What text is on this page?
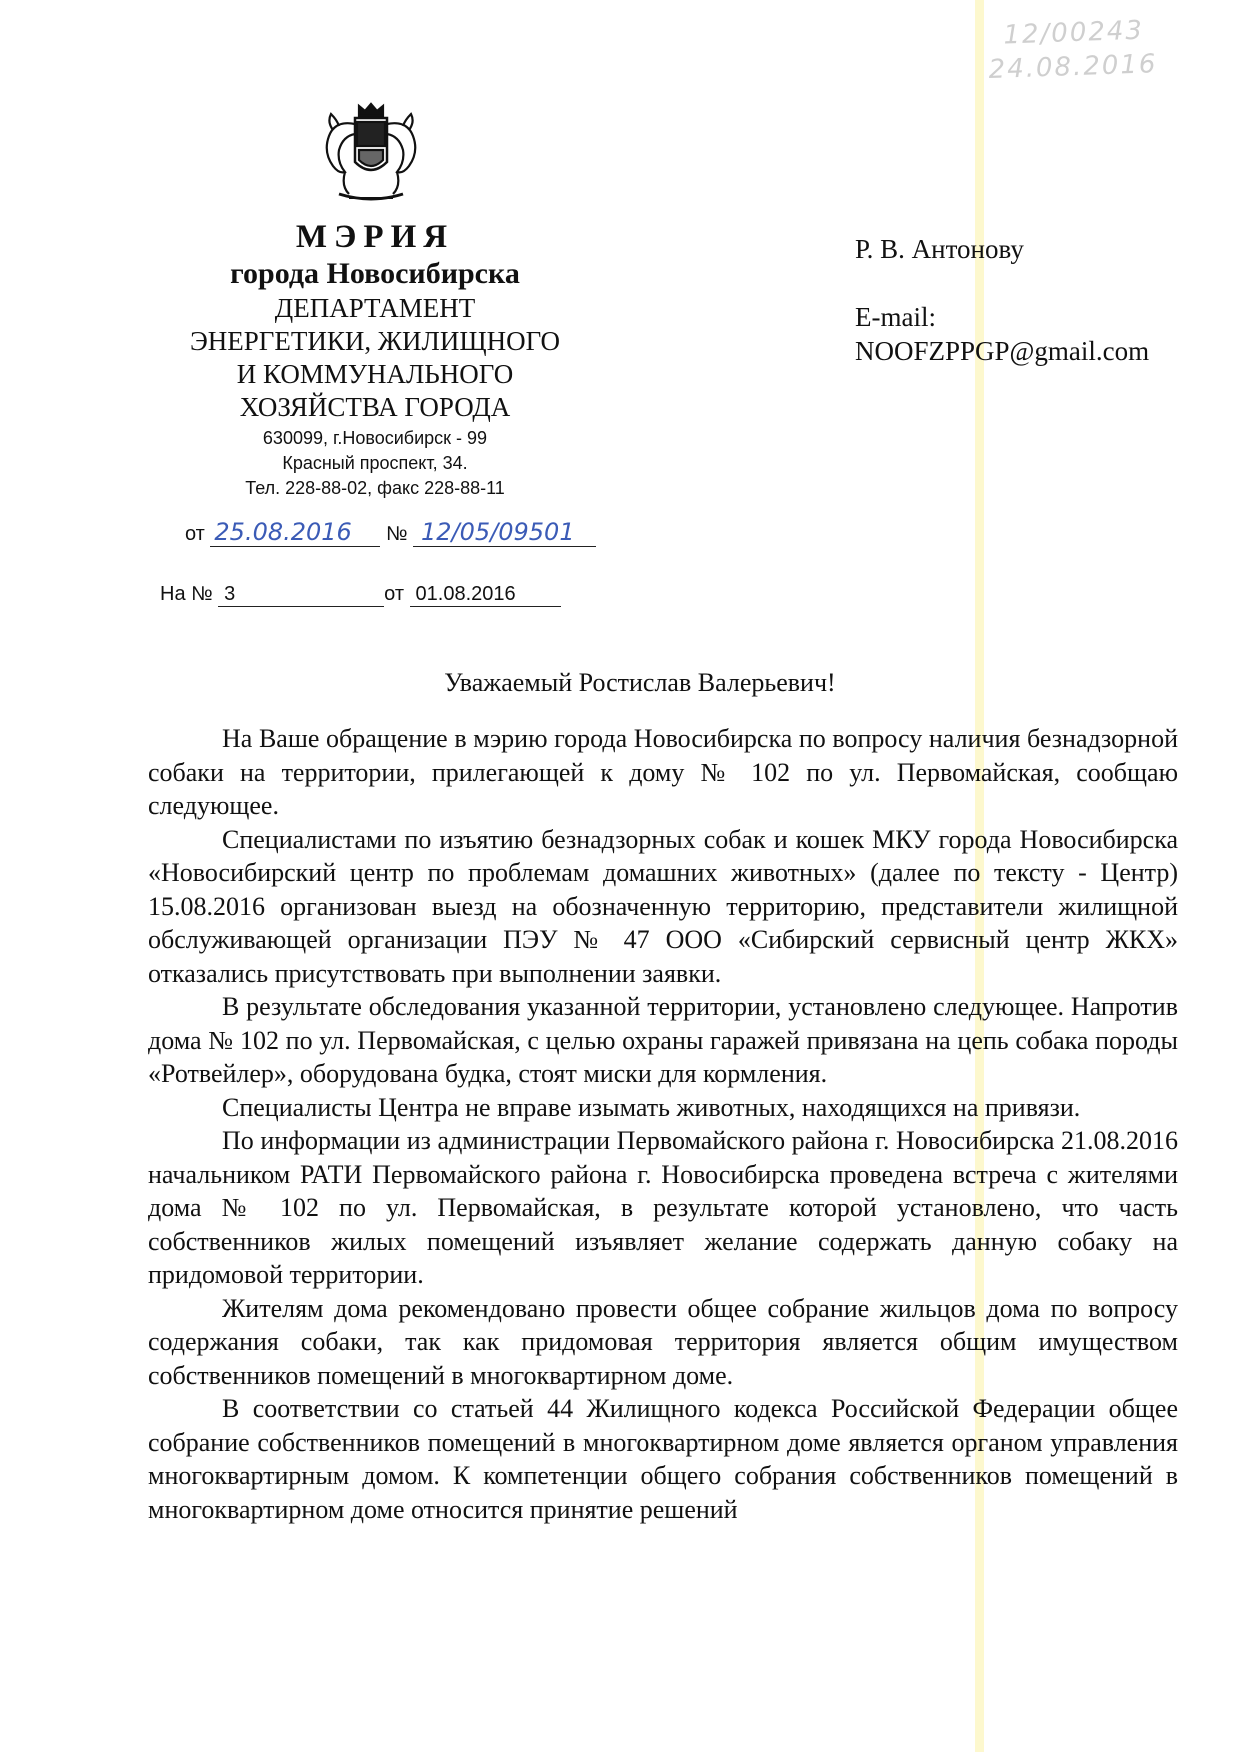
12/00243
24.08.2016
МЭРИЯ
города Новосибирска
ДЕПАРТАМЕНТ
ЭНЕРГЕТИКИ, ЖИЛИЩНОГО
И КОММУНАЛЬНОГО
ХОЗЯЙСТВА ГОРОДА
630099, г.Новосибирск - 99
Красный проспект, 34.
Тел. 228-88-02, факс 228-88-11
от 25.08.2016 № 12/05/09501
На № 3	от 01.08.2016
Р. В. Антонову
E-mail:
NOOFZPPGP@gmail.com
Уважаемый Ростислав Валерьевич!

На Ваше обращение в мэрию города Новосибирска по вопросу наличия безнадзорной собаки на территории, прилегающей к дому № 102 по ул. Первомайская, сообщаю следующее.

Специалистами по изъятию безнадзорных собак и кошек МКУ города Новосибирска «Новосибирский центр по проблемам домашних животных» (далее по тексту - Центр) 15.08.2016 организован выезд на обозначенную территорию, представители жилищной обслуживающей организации ПЭУ № 47 ООО «Сибирский сервисный центр ЖКХ» отказались присутствовать при выполнении заявки.

В результате обследования указанной территории, установлено следующее. Напротив дома № 102 по ул. Первомайская, с целью охраны гаражей привязана на цепь собака породы «Ротвейлер», оборудована будка, стоят миски для кормления.

Специалисты Центра не вправе изымать животных, находящихся на привязи.

По информации из администрации Первомайского района г. Новосибирска 21.08.2016 начальником РАТИ Первомайского района г. Новосибирска проведена встреча с жителями дома № 102 по ул. Первомайская, в результате которой установлено, что часть собственников жилых помещений изъявляет желание содержать данную собаку на придомовой территории.

Жителям дома рекомендовано провести общее собрание жильцов дома по вопросу содержания собаки, так как придомовая территория является общим имуществом собственников помещений в многоквартирном доме.

В соответствии со статьей 44 Жилищного кодекса Российской Федерации общее собрание собственников помещений в многоквартирном доме является органом управления многоквартирным домом. К компетенции общего собрания собственников помещений в многоквартирном доме относится принятие решений
